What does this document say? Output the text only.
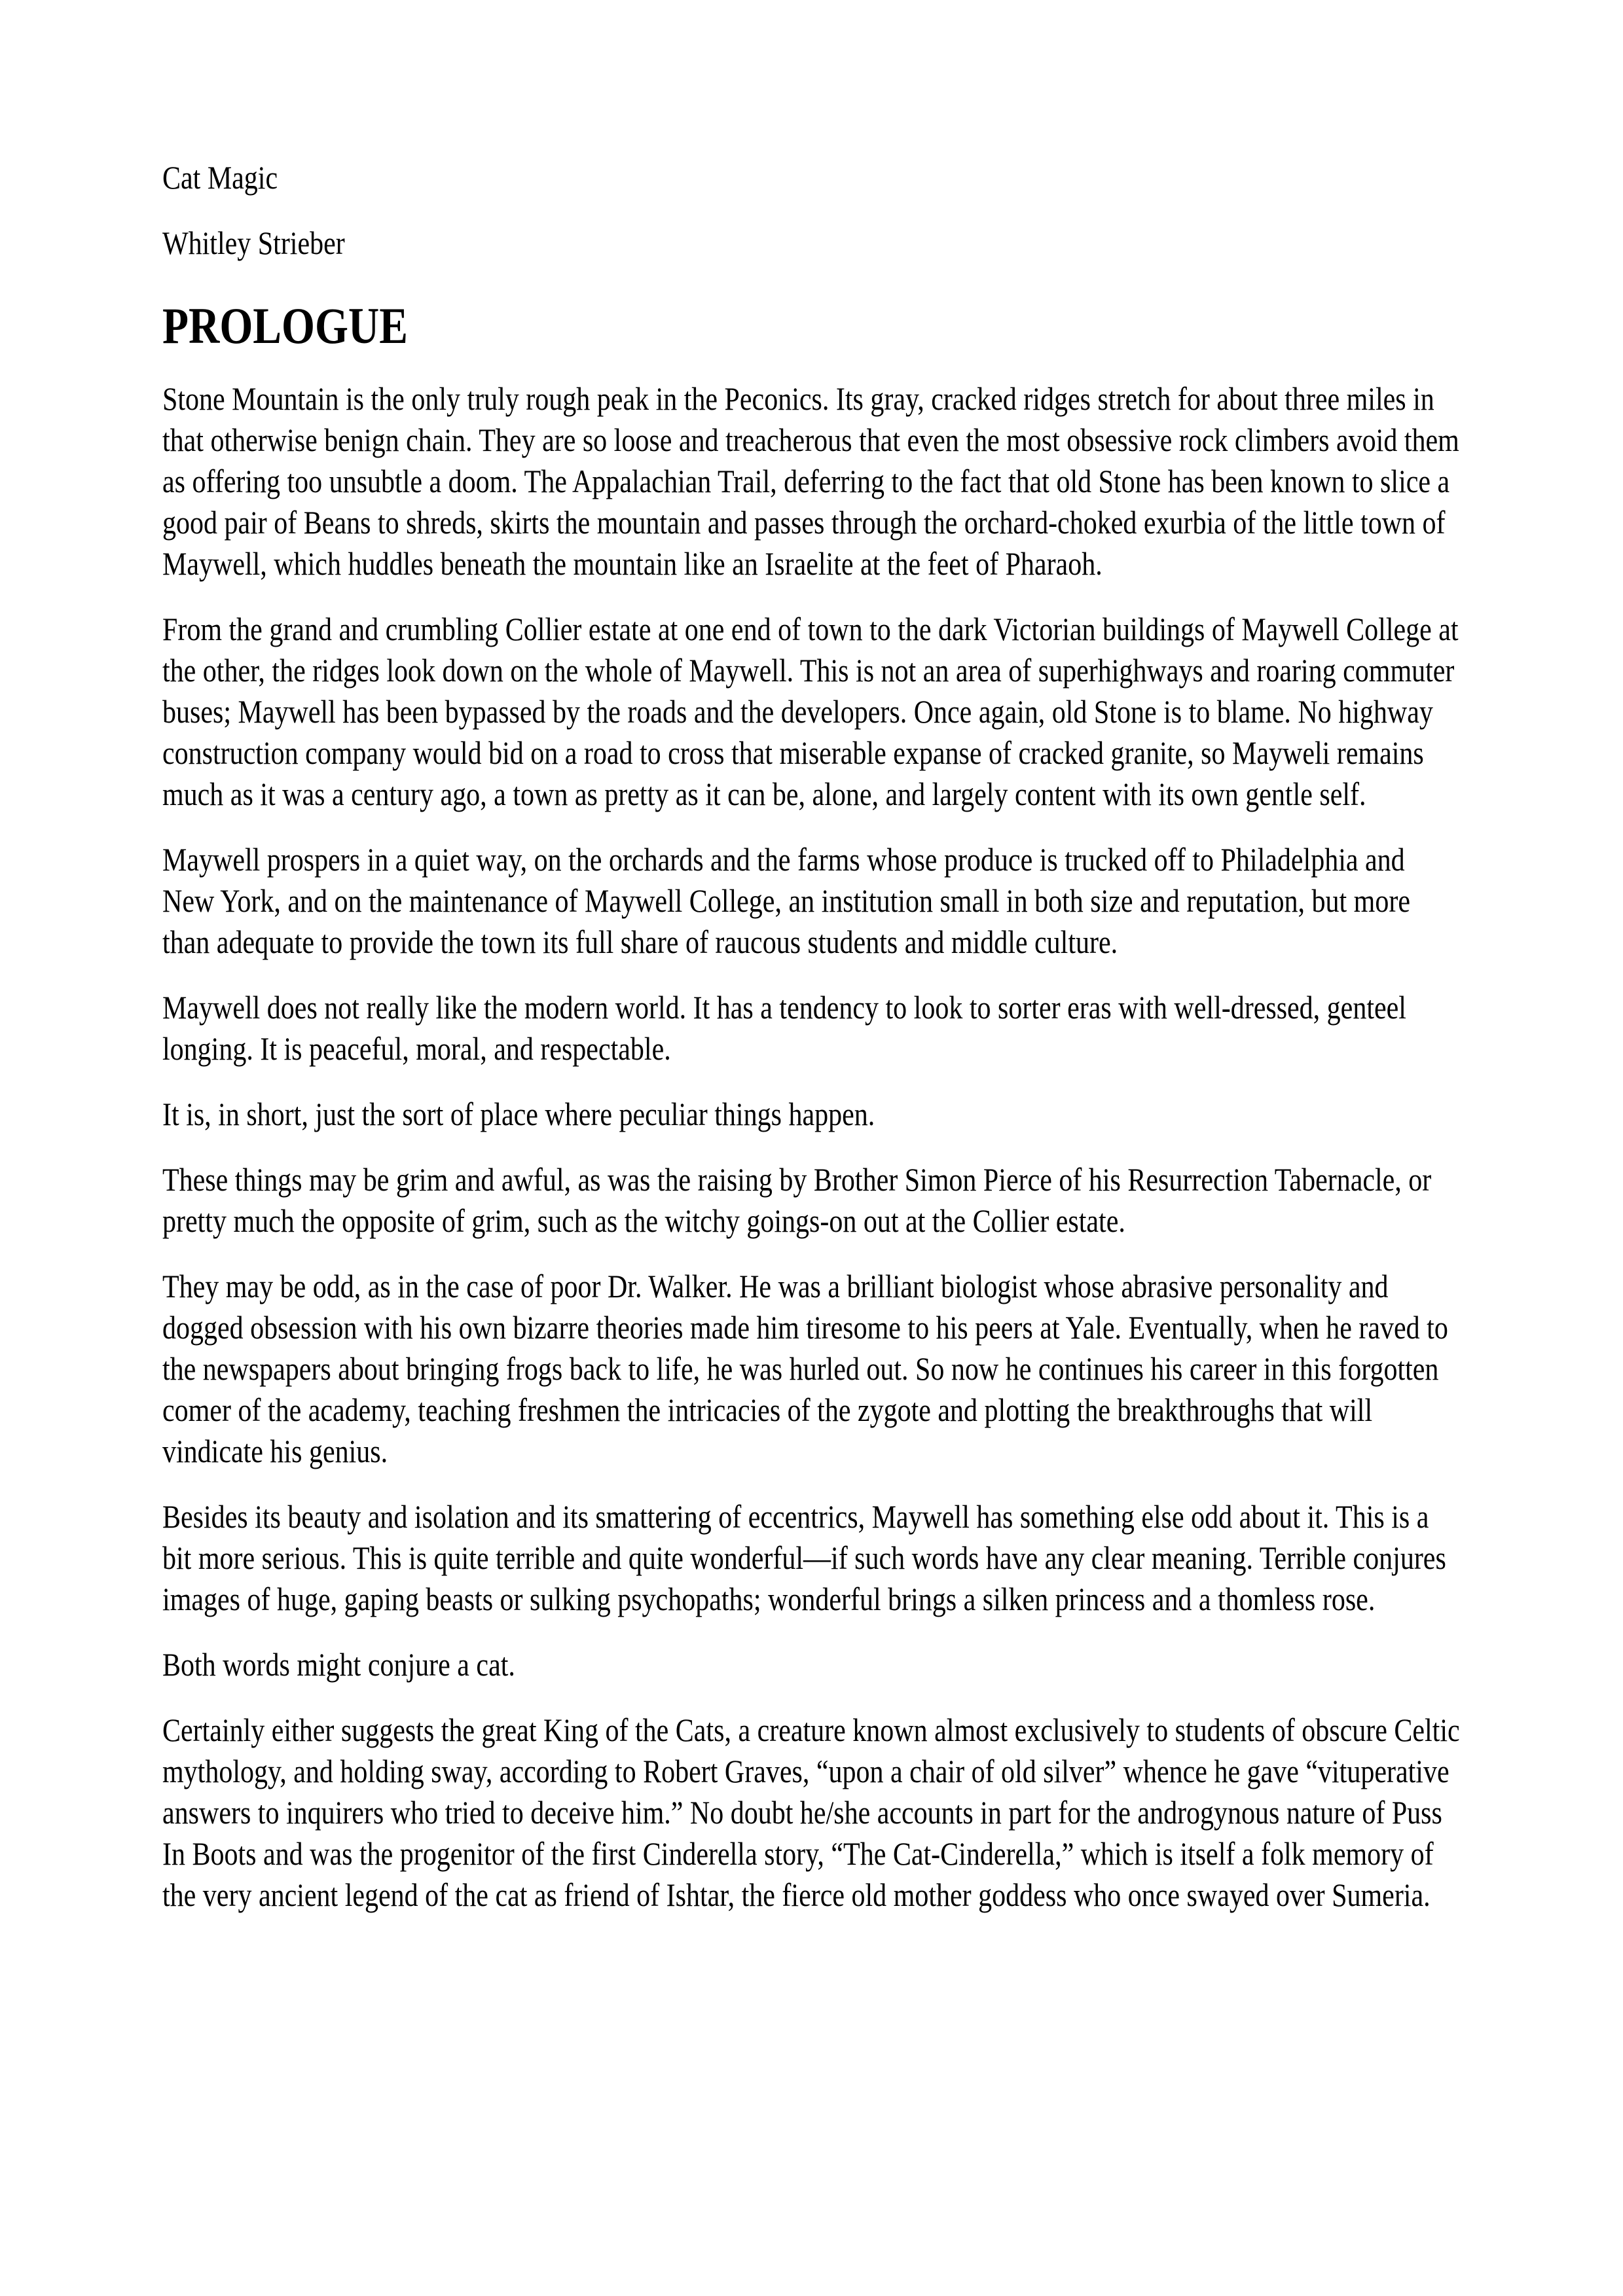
Cat Magic

Whitley Strieber

PROLOGUE

Stone Mountain is the only truly rough peak in the Peconics. Its gray, cracked ridges stretch for about three miles in that otherwise benign chain. They are so loose and treacherous that even the most obsessive rock climbers avoid them as offering too unsubtle a doom. The Appalachian Trail, deferring to the fact that old Stone has been known to slice a good pair of Beans to shreds, skirts the mountain and passes through the orchard-choked exurbia of the little town of Maywell, which huddles beneath the mountain like an Israelite at the feet of Pharaoh.

From the grand and crumbling Collier estate at one end of town to the dark Victorian buildings of Maywell College at the other, the ridges look down on the whole of Maywell. This is not an area of superhighways and roaring commuter buses; Maywell has been bypassed by the roads and the developers. Once again, old Stone is to blame. No highway construction company would bid on a road to cross that miserable expanse of cracked granite, so Mayweli remains much as it was a century ago, a town as pretty as it can be, alone, and largely content with its own gentle self.

Maywell prospers in a quiet way, on the orchards and the farms whose produce is trucked off to Philadelphia and New York, and on the maintenance of Maywell College, an institution small in both size and reputation, but more than adequate to provide the town its full share of raucous students and middle culture.

Maywell does not really like the modern world. It has a tendency to look to sorter eras with well-dressed, genteel longing. It is peaceful, moral, and respectable.

It is, in short, just the sort of place where peculiar things happen.

These things may be grim and awful, as was the raising by Brother Simon Pierce of his Resurrection Tabernacle, or pretty much the opposite of grim, such as the witchy goings-on out at the Collier estate.

They may be odd, as in the case of poor Dr. Walker. He was a brilliant biologist whose abrasive personality and dogged obsession with his own bizarre theories made him tiresome to his peers at Yale. Eventually, when he raved to the newspapers about bringing frogs back to life, he was hurled out. So now he continues his career in this forgotten comer of the academy, teaching freshmen the intricacies of the zygote and plotting the breakthroughs that will vindicate his genius.

Besides its beauty and isolation and its smattering of eccentrics, Maywell has something else odd about it. This is a bit more serious. This is quite terrible and quite wonderful—if such words have any clear meaning. Terrible conjures images of huge, gaping beasts or sulking psychopaths; wonderful brings a silken princess and a thomless rose.

Both words might conjure a cat.

Certainly either suggests the great King of the Cats, a creature known almost exclusively to students of obscure Celtic mythology, and holding sway, according to Robert Graves, “upon a chair of old silver” whence he gave “vituperative answers to inquirers who tried to deceive him.” No doubt he/she accounts in part for the androgynous nature of Puss In Boots and was the progenitor of the first Cinderella story, “The Cat-Cinderella,” which is itself a folk memory of the very ancient legend of the cat as friend of Ishtar, the fierce old mother goddess who once swayed over Sumeria.
